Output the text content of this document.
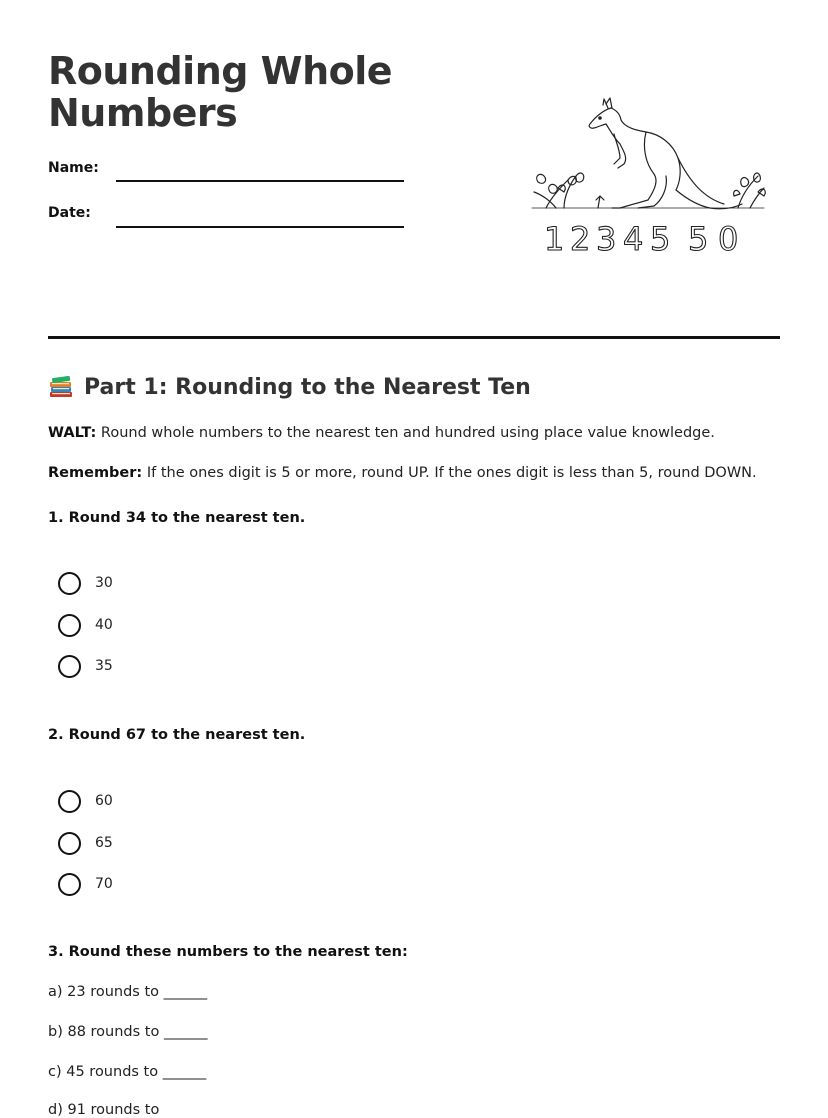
Rounding Whole
Numbers
Name:
Date:
1 2 3 4 5 5 0
Part 1: Rounding to the Nearest Ten
WALT: Round whole numbers to the nearest ten and hundred using place value knowledge.
Remember: If the ones digit is 5 or more, round UP. If the ones digit is less than 5, round DOWN.
1. Round 34 to the nearest ten.
30
40
35
2. Round 67 to the nearest ten.
60
65
70
3. Round these numbers to the nearest ten:
a) 23 rounds to ______
b) 88 rounds to ______
c) 45 rounds to ______
d) 91 rounds to
